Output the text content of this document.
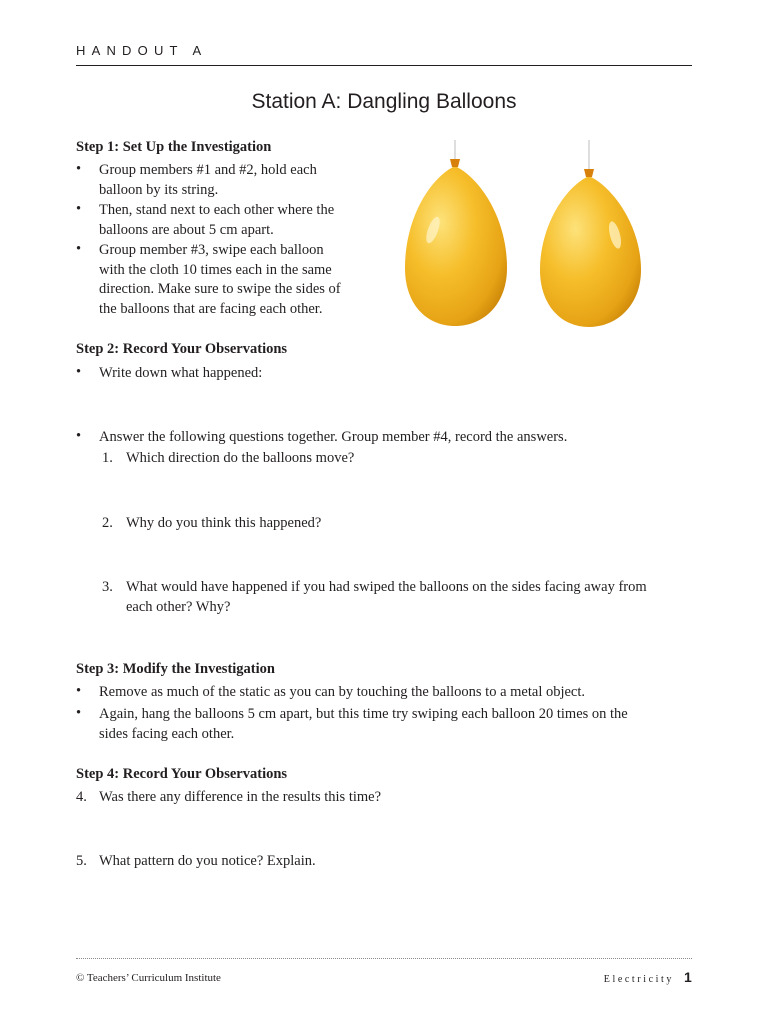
HANDOUT A
Station A: Dangling Balloons
Step 1: Set Up the Investigation
• Group members #1 and #2, hold each
balloon by its string.
• Then, stand next to each other where the
balloons are about 5 cm apart.
• Group member #3, swipe each balloon
with the cloth 10 times each in the same
direction. Make sure to swipe the sides of
the balloons that are facing each other.
Step 2: Record Your Observations
• Write down what happened:
• Answer the following questions together. Group member #4, record the answers.
1. Which direction do the balloons move?
2. Why do you think this happened?
3. What would have happened if you had swiped the balloons on the sides facing away from
each other? Why?
Step 3: Modify the Investigation
• Remove as much of the static as you can by touching the balloons to a metal object.
• Again, hang the balloons 5 cm apart, but this time try swiping each balloon 20 times on the
sides facing each other.
Step 4: Record Your Observations
4. Was there any difference in the results this time?
5. What pattern do you notice? Explain.
© Teachers’ Curriculum Institute	Electricity 1
